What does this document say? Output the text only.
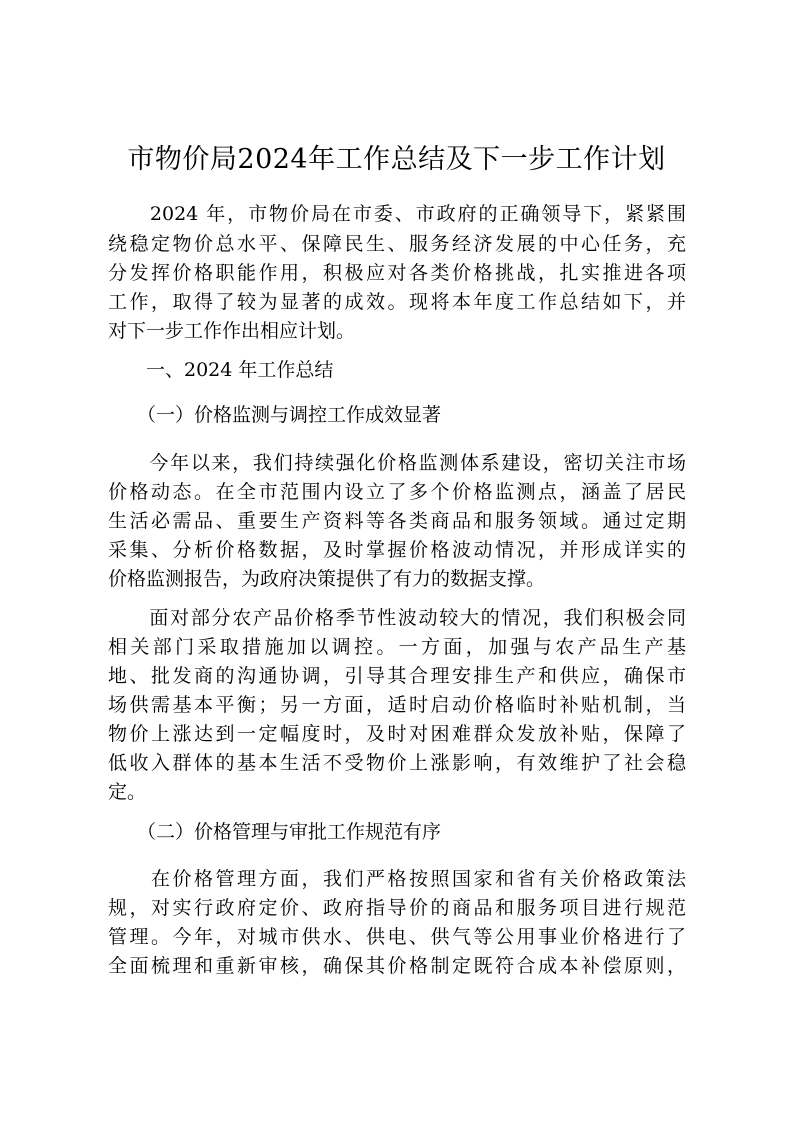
市物价局2024年工作总结及下一步工作计划
　　2024 年，市物价局在市委、市政府的正确领导下，紧紧围
绕稳定物价总水平、保障民生、服务经济发展的中心任务，充
分发挥价格职能作用，积极应对各类价格挑战，扎实推进各项
工作，取得了较为显著的成效。现将本年度工作总结如下，并
对下一步工作作出相应计划。
一、2024 年工作总结
（一）价格监测与调控工作成效显著
　　今年以来，我们持续强化价格监测体系建设，密切关注市场
价格动态。在全市范围内设立了多个价格监测点，涵盖了居民
生活必需品、重要生产资料等各类商品和服务领域。通过定期
采集、分析价格数据，及时掌握价格波动情况，并形成详实的
价格监测报告，为政府决策提供了有力的数据支撑。
　　面对部分农产品价格季节性波动较大的情况，我们积极会同
相关部门采取措施加以调控。一方面，加强与农产品生产基
地、批发商的沟通协调，引导其合理安排生产和供应，确保市
场供需基本平衡；另一方面，适时启动价格临时补贴机制，当
物价上涨达到一定幅度时，及时对困难群众发放补贴，保障了
低收入群体的基本生活不受物价上涨影响，有效维护了社会稳
定。
（二）价格管理与审批工作规范有序
　　在价格管理方面，我们严格按照国家和省有关价格政策法
规，对实行政府定价、政府指导价的商品和服务项目进行规范
管理。今年，对城市供水、供电、供气等公用事业价格进行了
全面梳理和重新审核，确保其价格制定既符合成本补偿原则，
